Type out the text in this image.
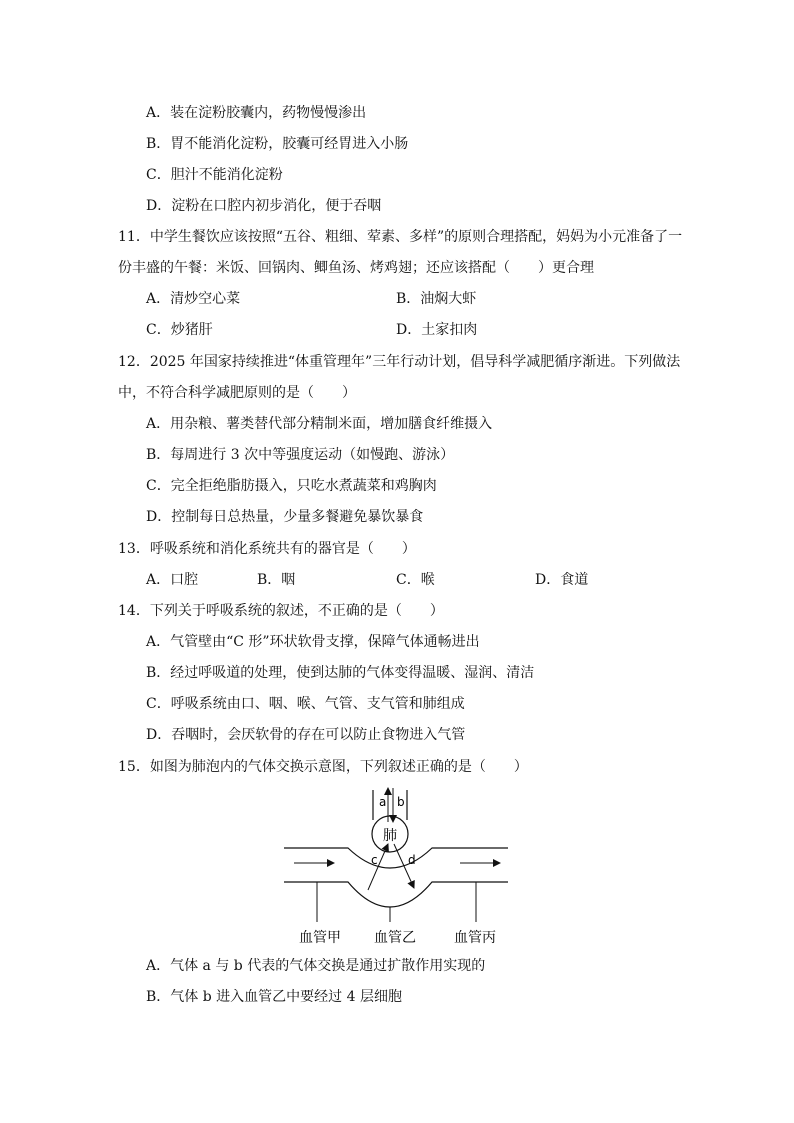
A．装在淀粉胶囊内，药物慢慢渗出
B．胃不能消化淀粉，胶囊可经胃进入小肠
C．胆汁不能消化淀粉
D．淀粉在口腔内初步消化，便于吞咽
11．中学生餐饮应该按照“五谷、粗细、荤素、多样”的原则合理搭配，妈妈为小元准备了一
份丰盛的午餐：米饭、回锅肉、鲫鱼汤、烤鸡翅；还应该搭配（　　）更合理
A．清炒空心菜	B．油焖大虾
C．炒猪肝	D．土家扣肉
12．2025 年国家持续推进“体重管理年”三年行动计划，倡导科学减肥循序渐进。下列做法
中，不符合科学减肥原则的是（　　）
A．用杂粮、薯类替代部分精制米面，增加膳食纤维摄入
B．每周进行 3 次中等强度运动（如慢跑、游泳）
C．完全拒绝脂肪摄入，只吃水煮蔬菜和鸡胸肉
D．控制每日总热量，少量多餐避免暴饮暴食
13．呼吸系统和消化系统共有的器官是（　　）
A．口腔	B．咽	C．喉	D．食道
14．下列关于呼吸系统的叙述，不正确的是（　　）
A．气管壁由“C 形”环状软骨支撑，保障气体通畅进出
B．经过呼吸道的处理，使到达肺的气体变得温暖、湿润、清洁
C．呼吸系统由口、咽、喉、气管、支气管和肺组成
D．吞咽时，会厌软骨的存在可以防止食物进入气管
15．如图为肺泡内的气体交换示意图，下列叙述正确的是（　　）
a b
肺
c	d
血管甲 血管乙	血管丙
A．气体 a 与 b 代表的气体交换是通过扩散作用实现的
B．气体 b 进入血管乙中要经过 4 层细胞
